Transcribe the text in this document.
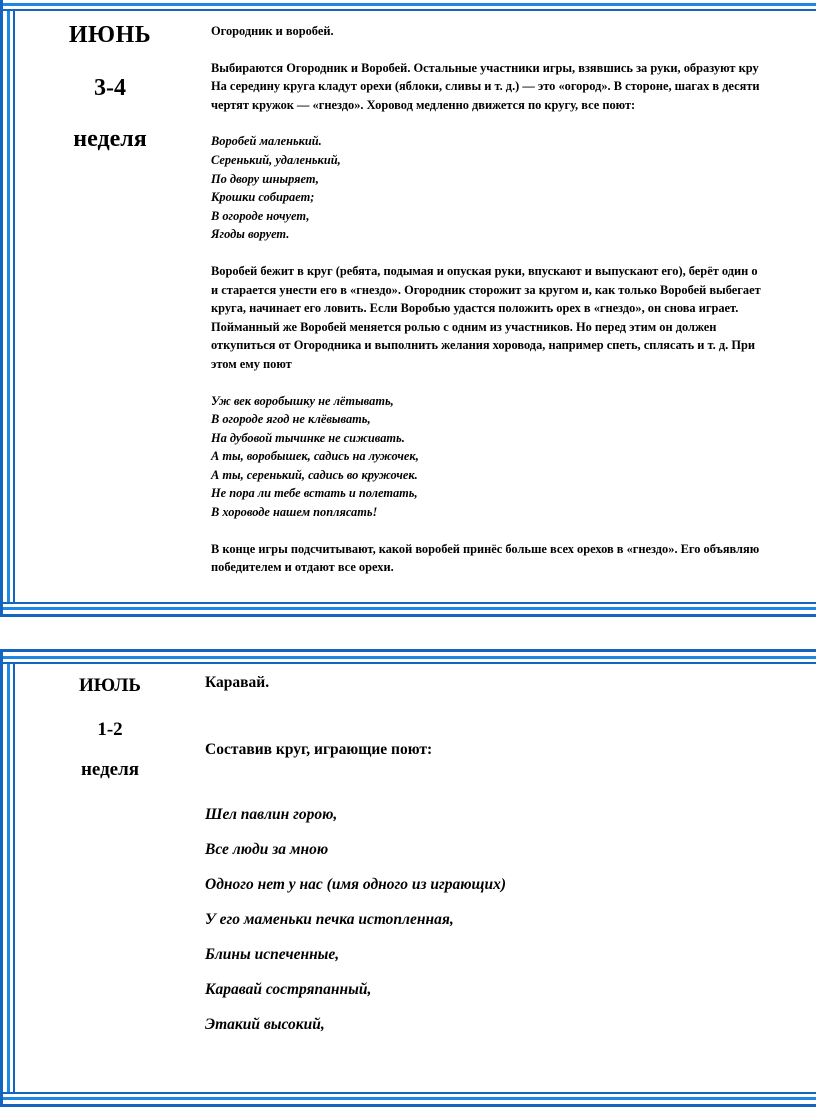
ИЮНЬ
3-4
неделя

Огородник и воробей.

Выбираются Огородник и Воробей. Остальные участники игры, взявшись за руки, образуют кру
На середину круга кладут орехи (яблоки, сливы и т. д.) — это «огород». В стороне, шагах в десяти
чертят кружок — «гнездо». Хоровод медленно движется по кругу, все поют:

Воробей маленький.
Серенький, удаленький,
По двору шныряет,
Крошки собирает;
В огороде ночует,
Ягоды ворует.

Воробей бежит в круг (ребята, подымая и опуская руки, впускают и выпускают его), берёт один о
и старается унести его в «гнездо». Огородник сторожит за кругом и, как только Воробей выбегает
круга, начинает его ловить. Если Воробью удастся положить орех в «гнездо», он снова играет.
Пойманный же Воробей меняется ролью с одним из участников. Но перед этим он должен
откупиться от Огородника и выполнить желания хоровода, например спеть, сплясать и т. д. При
этом ему поют

Уж век воробышку не лётывать,
В огороде ягод не клёвывать,
На дубовой тычинке не сиживать.
А ты, воробышек, садись на лужочек,
А ты, серенький, садись во кружочек.
Не пора ли тебе встать и полетать,
В хороводе нашем поплясать!

В конце игры подсчитывают, какой воробей принёс больше всех орехов в «гнездо». Его объявляю
победителем и отдают все орехи.

ИЮЛЬ
1-2
неделя
Каравай.
Составив круг, играющие поют:
Шел павлин горою,
Все люди за мною
Одного нет у нас (имя одного из играющих)
У его маменьки печка истопленная,
Блины испеченные,
Каравай состряпанный,
Этакий высокий,
